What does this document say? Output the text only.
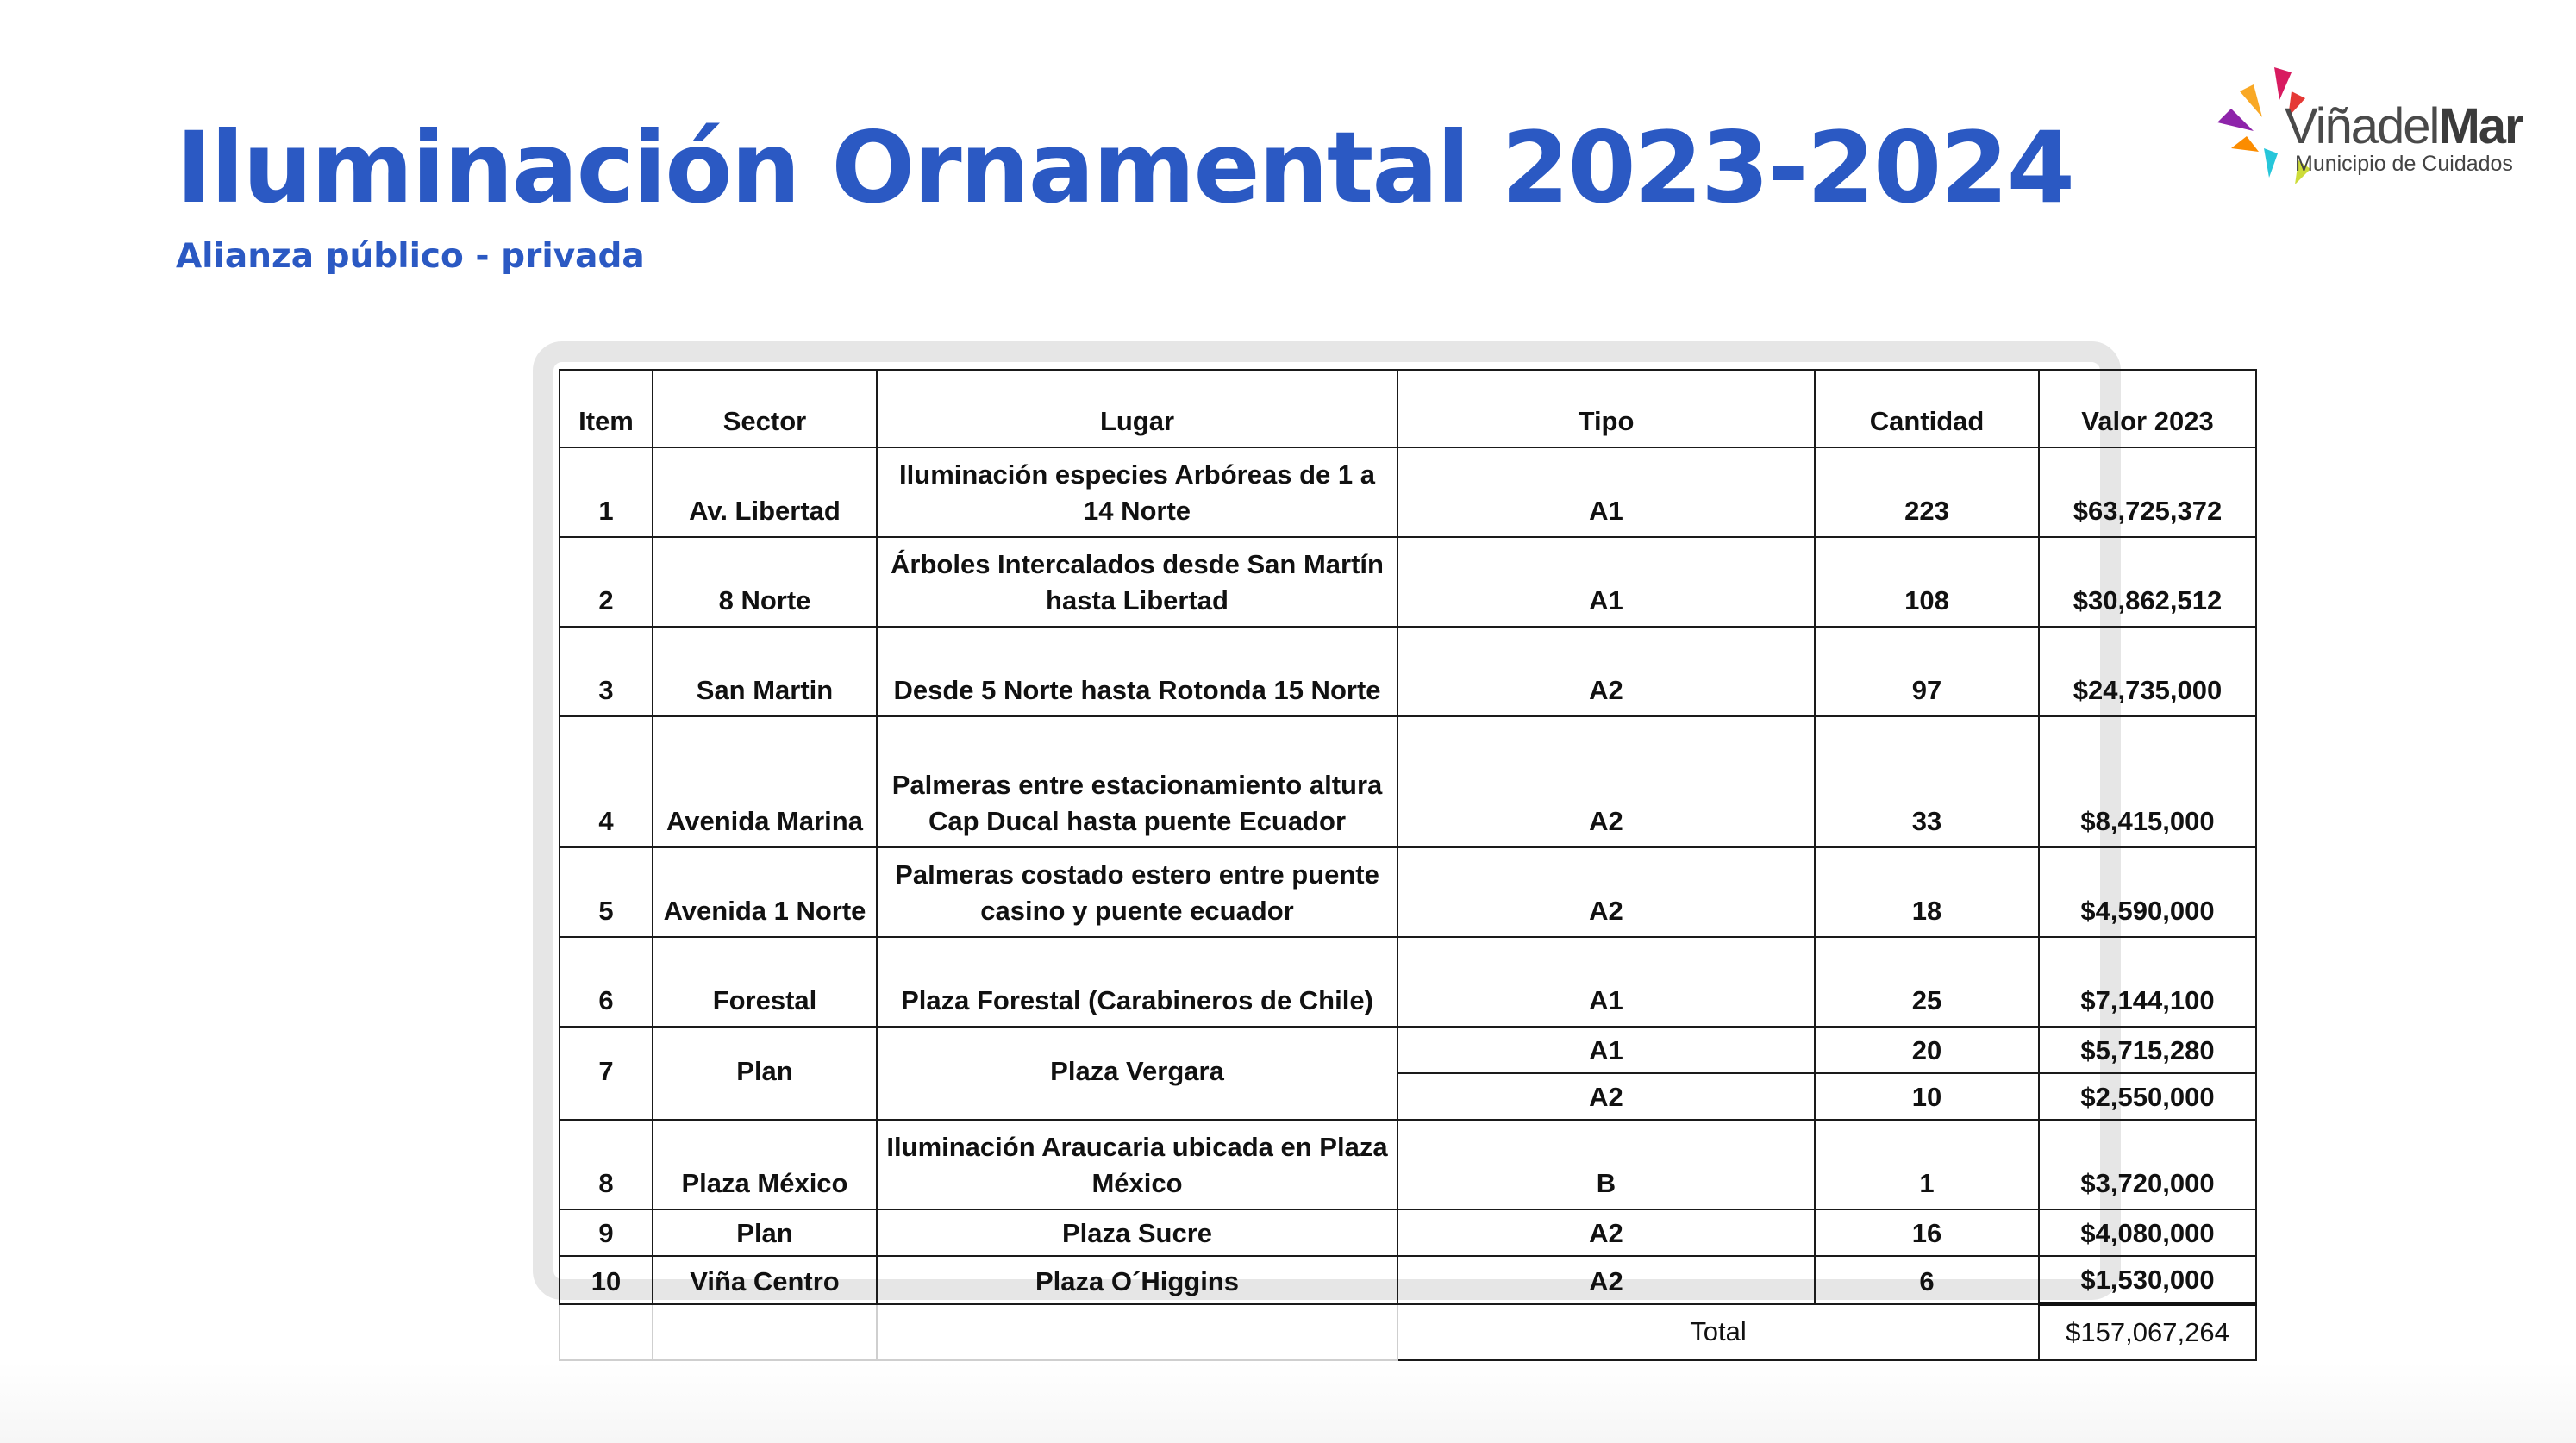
Iluminación Ornamental 2023-2024
Alianza público - privada
ViñadelMar
Municipio de Cuidados
Item	Sector	Lugar	Tipo	Cantidad	Valor 2023
1	Av. Libertad	Iluminación especies Arbóreas de 1 a 14 Norte	A1	223	$63,725,372
2	8 Norte	Árboles Intercalados desde San Martín hasta Libertad	A1	108	$30,862,512
3	San Martin	Desde 5 Norte hasta Rotonda 15 Norte	A2	97	$24,735,000
4	Avenida Marina	Palmeras entre estacionamiento altura Cap Ducal hasta puente Ecuador	A2	33	$8,415,000
5	Avenida 1 Norte	Palmeras costado estero entre puente casino y puente ecuador	A2	18	$4,590,000
6	Forestal	Plaza Forestal (Carabineros de Chile)	A1	25	$7,144,100
7	Plan	Plaza Vergara	A1	20	$5,715,280
			A2	10	$2,550,000
8	Plaza México	Iluminación Araucaria ubicada en Plaza México	B	1	$3,720,000
9	Plan	Plaza Sucre	A2	16	$4,080,000
10	Viña Centro	Plaza O´Higgins	A2	6	$1,530,000
			Total		$157,067,264
